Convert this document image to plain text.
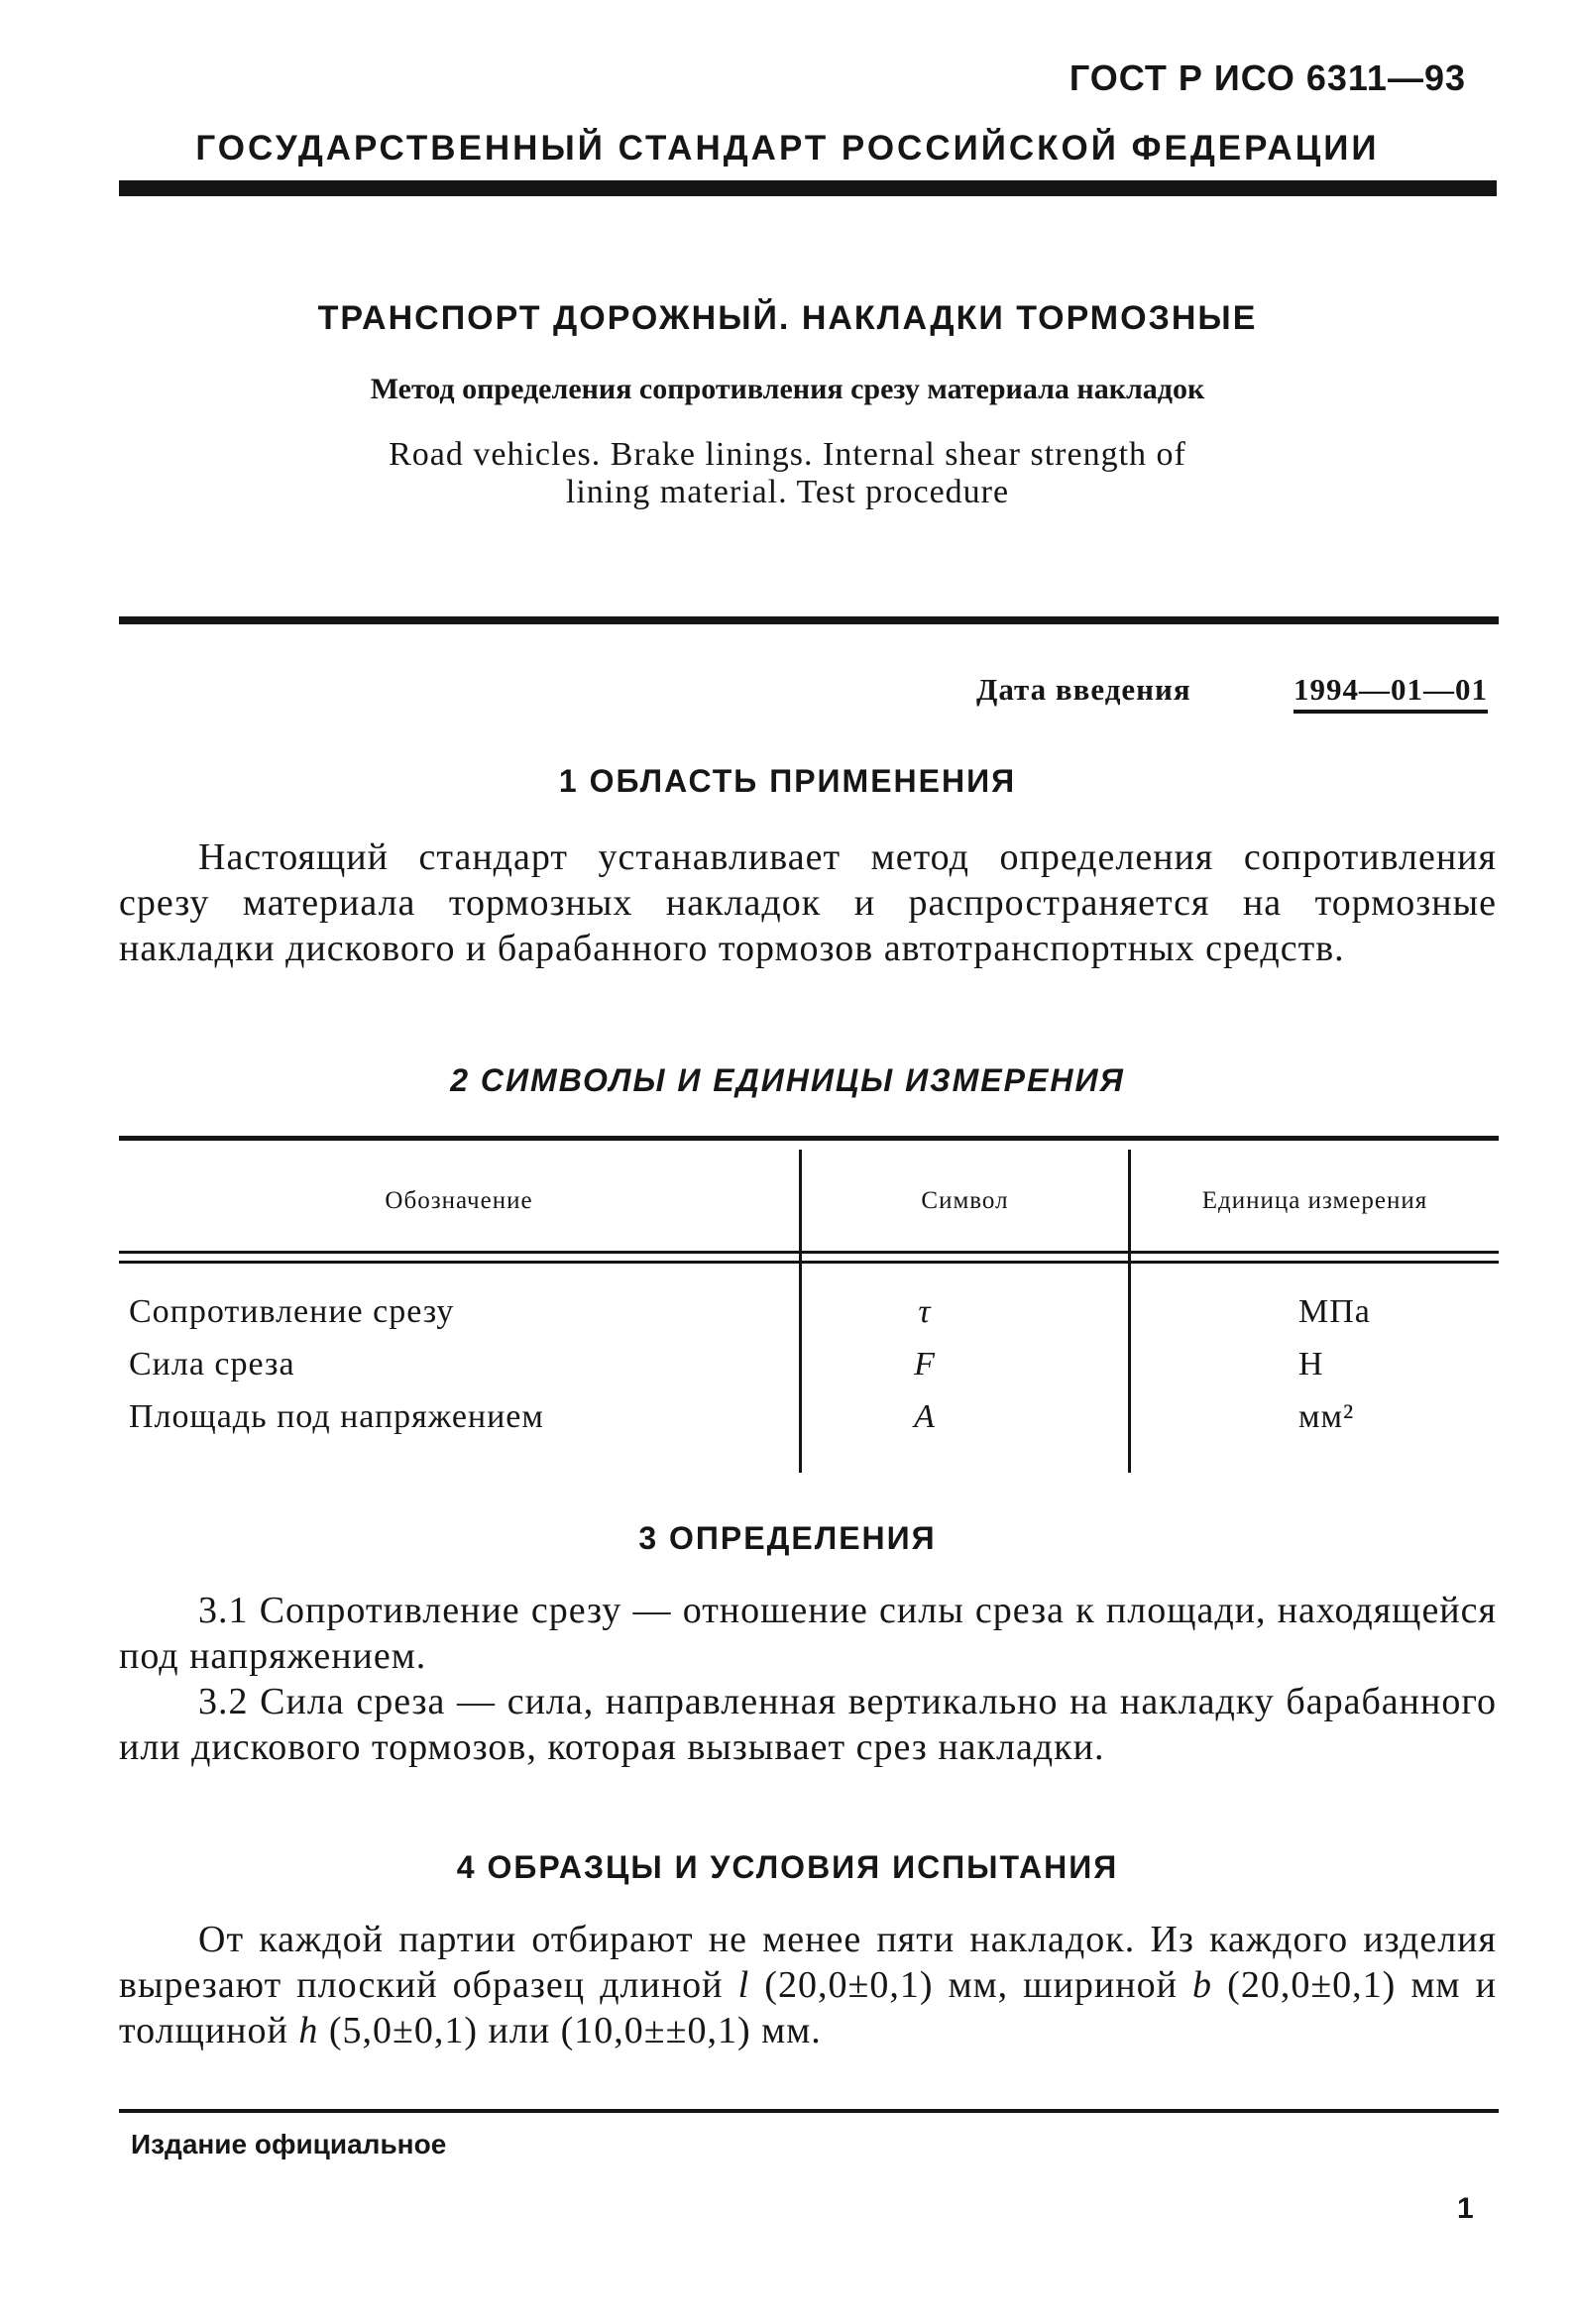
ГОСТ Р ИСО 6311—93
ГОСУДАРСТВЕННЫЙ СТАНДАРТ РОССИЙСКОЙ ФЕДЕРАЦИИ
ТРАНСПОРТ ДОРОЖНЫЙ. НАКЛАДКИ ТОРМОЗНЫЕ
Метод определения сопротивления срезу материала накладок
Road vehicles. Brake linings. Internal shear strength of
lining material. Test procedure
Дата введения	1994—01—01
1 ОБЛАСТЬ ПРИМЕНЕНИЯ

Настоящий стандарт устанавливает метод определения сопротивления срезу материала тормозных накладок и распространяется на тормозные накладки дискового и барабанного тормозов автотранспортных средств.

2 СИМВОЛЫ И ЕДИНИЦЫ ИЗМЕРЕНИЯ
Обозначение	Символ	Единица измерения
Сопротивление срезу	τ	МПа
Сила среза	F	Н
Площадь под напряжением	A	мм²
3 ОПРЕДЕЛЕНИЯ

3.1 Сопротивление срезу — отношение силы среза к площади, находящейся под напряжением.

3.2 Сила среза — сила, направленная вертикально на накладку барабанного или дискового тормозов, которая вызывает срез накладки.

4 ОБРАЗЦЫ И УСЛОВИЯ ИСПЫТАНИЯ

От каждой партии отбирают не менее пяти накладок. Из каждого изделия вырезают плоский образец длиной l (20,0±0,1) мм, шириной b (20,0±0,1) мм и толщиной h (5,0±0,1) или (10,0±±0,1) мм.

Издание официальное
1
